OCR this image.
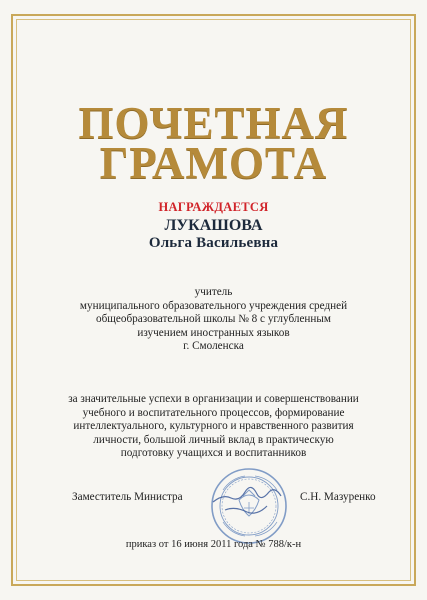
ПОЧЕТНАЯ
ГРАМОТА
НАГРАЖДАЕТСЯ
ЛУКАШОВА
Ольга Васильевна
учитель
муниципального образовательного учреждения средней
общеобразовательной школы № 8 с углубленным
изучением иностранных языков
г. Смоленска
за значительные успехи в организации и совершенствовании
учебного и воспитательного процессов, формирование
интеллектуального, культурного и нравственного развития
личности, большой личный вклад в практическую
подготовку учащихся и воспитанников
Заместитель Министра	С.Н. Мазуренко
приказ от 16 июня 2011 года № 788/к-н
